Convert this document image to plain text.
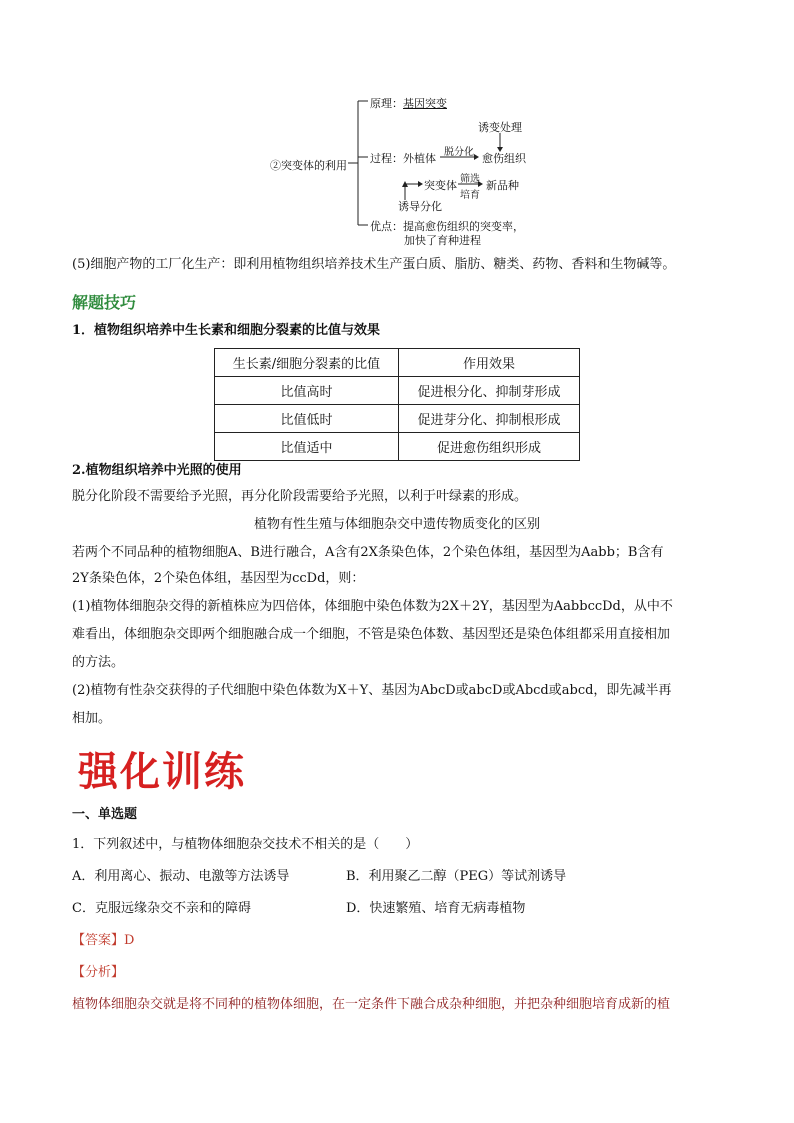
②突变体的利用
原理：基因突变
诱变处理
过程：外植体 脱分化 愈伤组织
突变体 筛选
培育
新品种
诱导分化
优点：提高愈伤组织的突变率，
加快了育种进程
(5)细胞产物的工厂化生产：即利用植物组织培养技术生产蛋白质、脂肪、糖类、药物、香料和生物碱等。
解题技巧
1．植物组织培养中生长素和细胞分裂素的比值与效果
生长素/细胞分裂素的比值	作用效果
比值高时	促进根分化、抑制芽形成
比值低时	促进芽分化、抑制根形成
比值适中	促进愈伤组织形成
2.植物组织培养中光照的使用
脱分化阶段不需要给予光照，再分化阶段需要给予光照，以利于叶绿素的形成。
植物有性生殖与体细胞杂交中遗传物质变化的区别
若两个不同品种的植物细胞A、B进行融合，A含有2X条染色体，2个染色体组，基因型为Aabb；B含有
2Y条染色体，2个染色体组，基因型为ccDd，则：
(1)植物体细胞杂交得的新植株应为四倍体，体细胞中染色体数为2X＋2Y，基因型为AabbccDd，从中不
难看出，体细胞杂交即两个细胞融合成一个细胞，不管是染色体数、基因型还是染色体组都采用直接相加
的方法。
(2)植物有性杂交获得的子代细胞中染色体数为X＋Y、基因为AbcD或abcD或Abcd或abcd，即先减半再
相加。
强化训练
一、单选题
1．下列叙述中，与植物体细胞杂交技术不相关的是（　　）
A．利用离心、振动、电激等方法诱导	B．利用聚乙二醇（PEG）等试剂诱导
C．克服远缘杂交不亲和的障碍	D．快速繁殖、培育无病毒植物
【答案】D
【分析】
植物体细胞杂交就是将不同种的植物体细胞，在一定条件下融合成杂种细胞，并把杂种细胞培育成新的植
